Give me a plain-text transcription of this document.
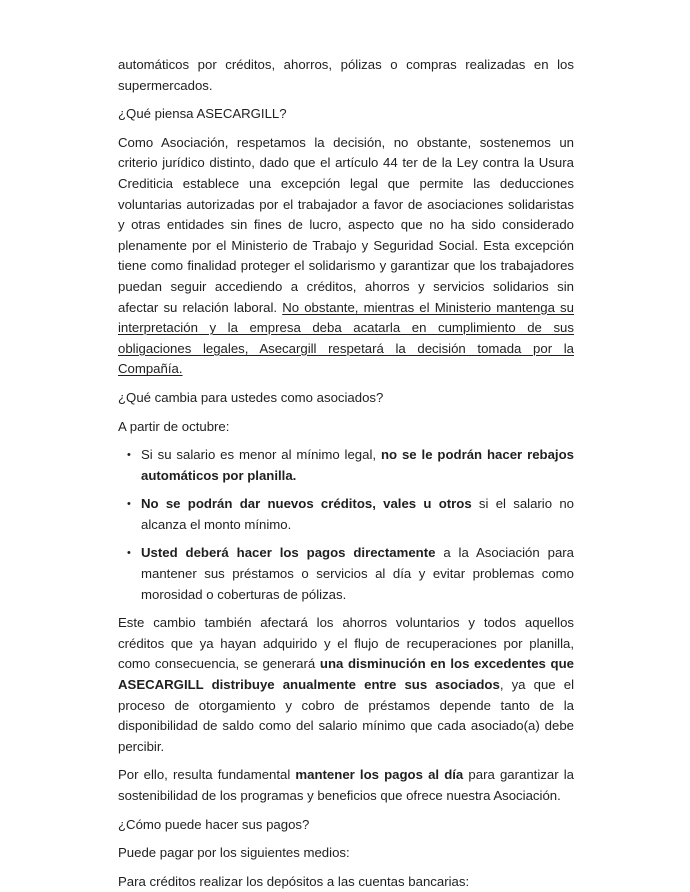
automáticos por créditos, ahorros, pólizas o compras realizadas en los supermercados.

¿Qué piensa ASECARGILL?

Como Asociación, respetamos la decisión, no obstante, sostenemos un criterio jurídico distinto, dado que el artículo 44 ter de la Ley contra la Usura Crediticia establece una excepción legal que permite las deducciones voluntarias autorizadas por el trabajador a favor de asociaciones solidaristas y otras entidades sin fines de lucro, aspecto que no ha sido considerado plenamente por el Ministerio de Trabajo y Seguridad Social. Esta excepción tiene como finalidad proteger el solidarismo y garantizar que los trabajadores puedan seguir accediendo a créditos, ahorros y servicios solidarios sin afectar su relación laboral. No obstante, mientras el Ministerio mantenga su interpretación y la empresa deba acatarla en cumplimiento de sus obligaciones legales, Asecargill respetará la decisión tomada por la Compañía.

¿Qué cambia para ustedes como asociados?

A partir de octubre:

• Si su salario es menor al mínimo legal, no se le podrán hacer rebajos automáticos por planilla.
• No se podrán dar nuevos créditos, vales u otros si el salario no alcanza el monto mínimo.
• Usted deberá hacer los pagos directamente a la Asociación para mantener sus préstamos o servicios al día y evitar problemas como morosidad o coberturas de pólizas.

Este cambio también afectará los ahorros voluntarios y todos aquellos créditos que ya hayan adquirido y el flujo de recuperaciones por planilla, como consecuencia, se generará una disminución en los excedentes que ASECARGILL distribuye anualmente entre sus asociados, ya que el proceso de otorgamiento y cobro de préstamos depende tanto de la disponibilidad de saldo como del salario mínimo que cada asociado(a) debe percibir.

Por ello, resulta fundamental mantener los pagos al día para garantizar la sostenibilidad de los programas y beneficios que ofrece nuestra Asociación.

¿Cómo puede hacer sus pagos?

Puede pagar por los siguientes medios:

Para créditos realizar los depósitos a las cuentas bancarias:
